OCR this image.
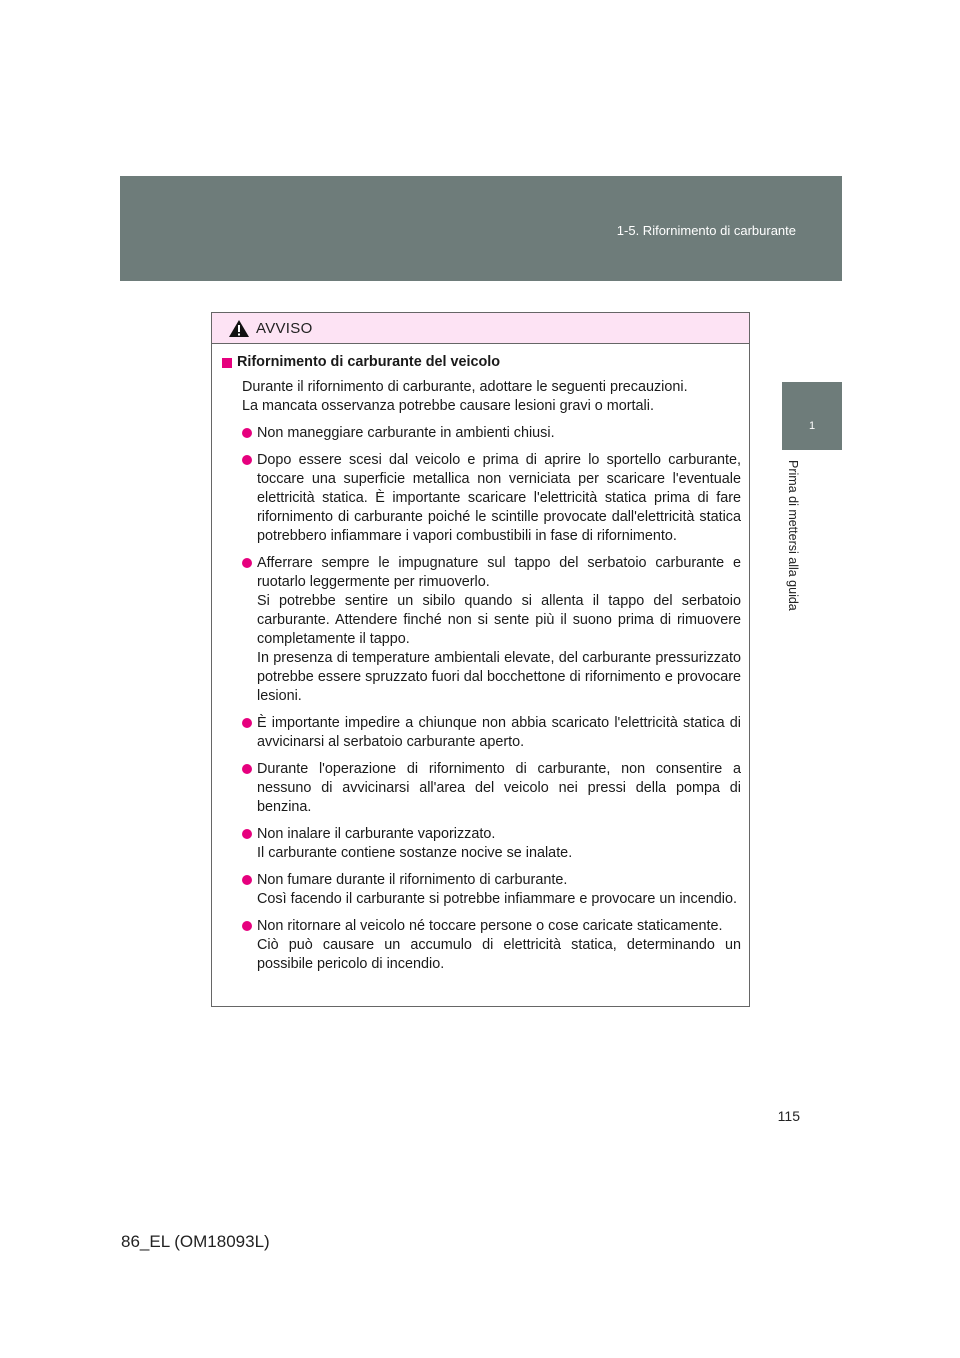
1-5. Rifornimento di carburante
1
Prima di mettersi alla guida
AVVISO
Rifornimento di carburante del veicolo

Durante il rifornimento di carburante, adottare le seguenti precauzioni.

La mancata osservanza potrebbe causare lesioni gravi o mortali.

Non maneggiare carburante in ambienti chiusi.

Dopo essere scesi dal veicolo e prima di aprire lo sportello carburante, toccare una superficie metallica non verniciata per scaricare l'eventuale elettricità statica. È importante scaricare l'elettricità statica prima di fare rifornimento di carburante poiché le scintille provocate dall'elettricità statica potrebbero infiammare i vapori combustibili in fase di rifornimento.

Afferrare sempre le impugnature sul tappo del serbatoio carburante e ruotarlo leggermente per rimuoverlo.

Si potrebbe sentire un sibilo quando si allenta il tappo del serbatoio carburante. Attendere finché non si sente più il suono prima di rimuovere completamente il tappo.

In presenza di temperature ambientali elevate, del carburante pressurizzato potrebbe essere spruzzato fuori dal bocchettone di rifornimento e provocare lesioni.

È importante impedire a chiunque non abbia scaricato l'elettricità statica di avvicinarsi al serbatoio carburante aperto.

Durante l'operazione di rifornimento di carburante, non consentire a nessuno di avvicinarsi all'area del veicolo nei pressi della pompa di benzina.

Non inalare il carburante vaporizzato.

Il carburante contiene sostanze nocive se inalate.

Non fumare durante il rifornimento di carburante.

Così facendo il carburante si potrebbe infiammare e provocare un incendio.

Non ritornare al veicolo né toccare persone o cose caricate staticamente.

Ciò può causare un accumulo di elettricità statica, determinando un possibile pericolo di incendio.

115
86_EL (OM18093L)
